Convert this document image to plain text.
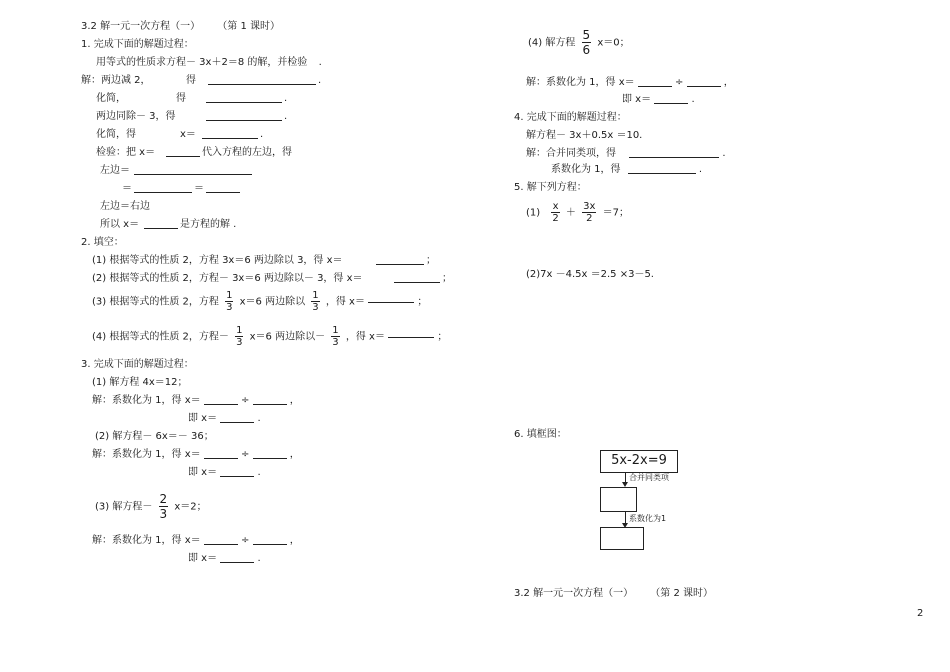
3.2 解一元一次方程（一） （第 1 课时）
1. 完成下面的解题过程：
用等式的性质求方程－ 3x＋2＝8 的解，并检验 .
解：两边减 2，	得	.
化简，	得	.
两边同除－ 3，得	.
化简，得	x＝	.
检验：把 x＝	代入方程的左边，得
左边＝
＝	＝
左边＝右边
所以 x＝	是方程的解 .
2. 填空：
(1) 根据等式的性质 2，方程 3x＝6 两边除以 3，得 x＝	；
(2) 根据等式的性质 2，方程－ 3x＝6 两边除以－ 3，得 x＝	；
(3) 根据等式的性质 2，方程 $\frac{1}{3} x=6$ 两边除以 $\frac{1}{3}$ ，得 x＝	；
(4) 根据等式的性质 2，方程－ $\frac{1}{3} x=6$ 两边除以－ $\frac{1}{3}$ ，得 x＝	；
3. 完成下面的解题过程：
(1) 解方程 4x＝12；
解：系数化为 1，得 x＝	÷	，
即 x＝	.
(2) 解方程－ 6x＝－ 36；
解：系数化为 1，得 x＝	÷	，
即 x＝	.
(3) 解方程－ $\frac{2}{3} x=2$；
解：系数化为 1，得 x＝	÷	，
即 x＝	.
(4) 解方程 $\frac{5}{6} x=0$；
解：系数化为 1，得 x＝	÷	，
即 x＝	.
4. 完成下面的解题过程：
解方程－ 3x＋0.5x ＝10.
解：合并同类项，得	.
系数化为 1，得	.
5. 解下列方程：
$(1) \frac{x}{2} + \frac{3x}{2} =7$；
(2)7x －4.5x ＝2.5 ×3－5.
6. 填框图：
5x-2x=9
合并同类项
系数化为1
3.2 解一元一次方程（一） （第 2 课时）
2
